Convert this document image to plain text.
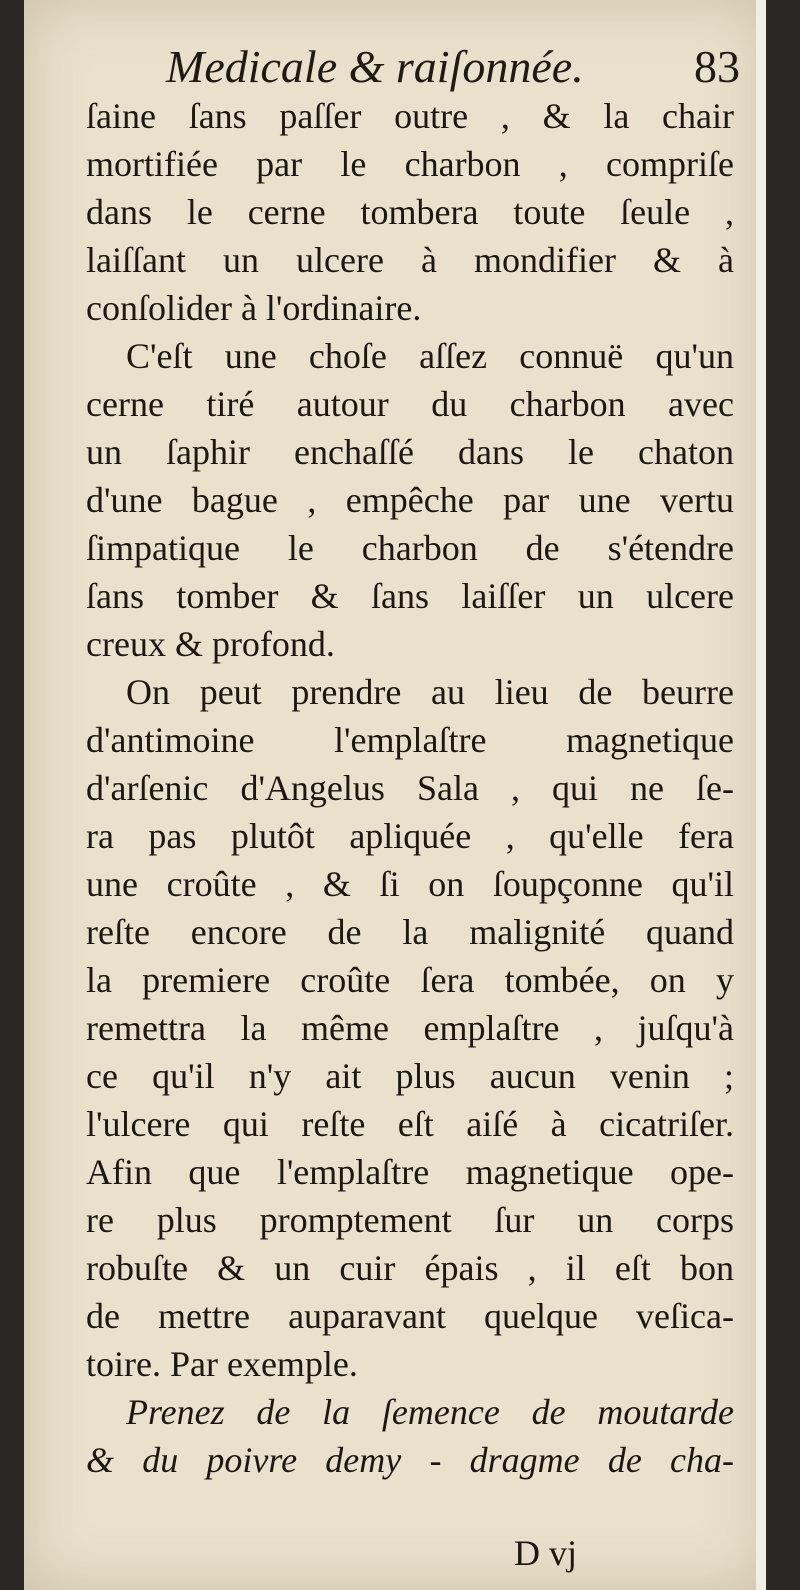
Medicale & raiſonnée. 83
ſaine ſans paſſer outre , & la chair
mortifiée par le charbon , compriſe
dans le cerne tombera toute ſeule ,
laiſſant un ulcere à mondifier & à
conſolider à l'ordinaire.
C'eſt une choſe aſſez connuë qu'un
cerne tiré autour du charbon avec
un ſaphir enchaſſé dans le chaton
d'une bague , empêche par une vertu
ſimpatique le charbon de s'étendre
ſans tomber & ſans laiſſer un ulcere
creux & profond.
On peut prendre au lieu de beurre
d'antimoine l'emplaſtre magnetique
d'arſenic d'Angelus Sala , qui ne ſe-
ra pas plutôt apliquée , qu'elle fera
une croûte , & ſi on ſoupçonne qu'il
reſte encore de la malignité quand
la premiere croûte ſera tombée, on y
remettra la même emplaſtre , juſqu'à
ce qu'il n'y ait plus aucun venin ;
l'ulcere qui reſte eſt aiſé à cicatriſer.
Afin que l'emplaſtre magnetique ope-
re plus promptement ſur un corps
robuſte & un cuir épais , il eſt bon
de mettre auparavant quelque veſica-
toire. Par exemple.
Prenez de la ſemence de moutarde
& du poivre demy - dragme de cha-
D vj
